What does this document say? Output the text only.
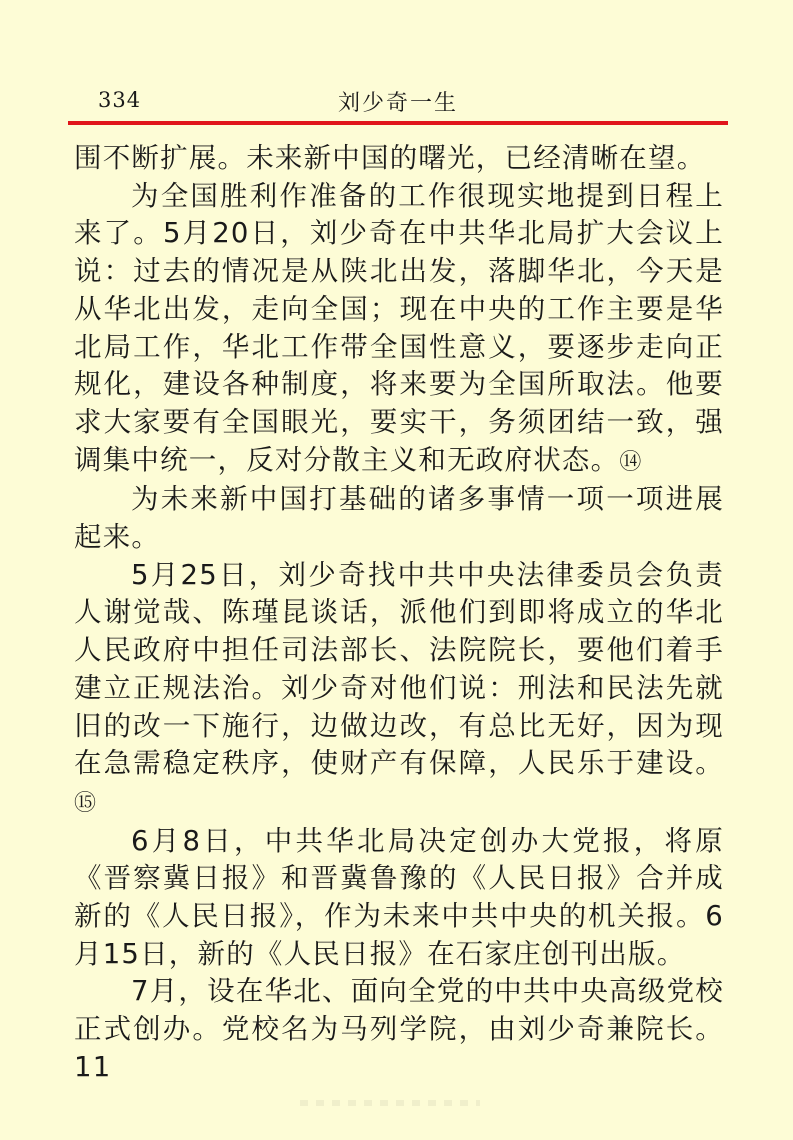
334	刘少奇一生

围不断扩展。未来新中国的曙光，已经清晰在望。

为全国胜利作准备的工作很现实地提到日程上来了。5月20日，刘少奇在中共华北局扩大会议上说：过去的情况是从陕北出发，落脚华北，今天是从华北出发，走向全国；现在中央的工作主要是华北局工作，华北工作带全国性意义，要逐步走向正规化，建设各种制度，将来要为全国所取法。他要求大家要有全国眼光，要实干，务须团结一致，强调集中统一，反对分散主义和无政府状态。⑭

为未来新中国打基础的诸多事情一项一项进展起来。

5月25日，刘少奇找中共中央法律委员会负责人谢觉哉、陈瑾昆谈话，派他们到即将成立的华北人民政府中担任司法部长、法院院长，要他们着手建立正规法治。刘少奇对他们说：刑法和民法先就旧的改一下施行，边做边改，有总比无好，因为现在急需稳定秩序，使财产有保障，人民乐于建设。⑮

6月8日，中共华北局决定创办大党报，将原《晋察冀日报》和晋冀鲁豫的《人民日报》合并成新的《人民日报》，作为未来中共中央的机关报。6月15日，新的《人民日报》在石家庄创刊出版。

7月，设在华北、面向全党的中共中央高级党校正式创办。党校名为马列学院，由刘少奇兼院长。11
